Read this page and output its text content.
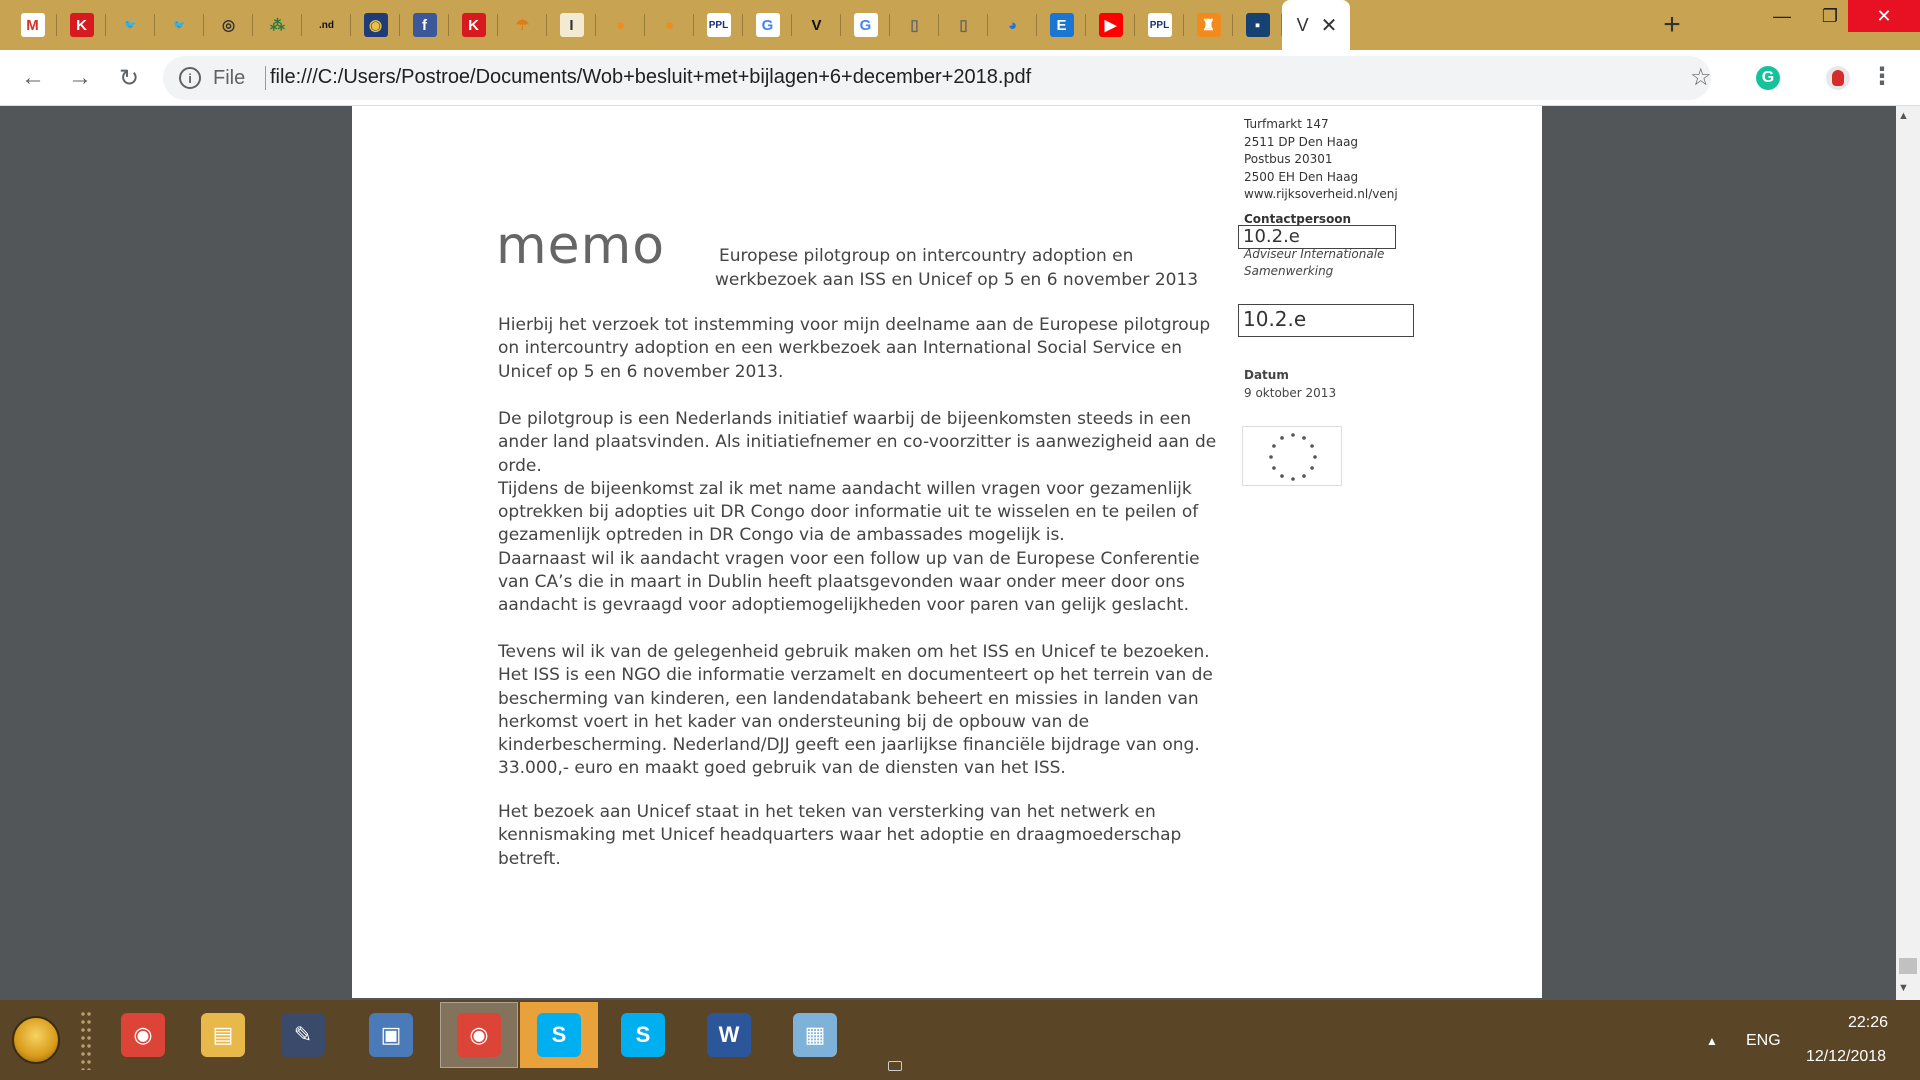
M	K	🐦	🐦	◎	⁂	.nd	◉	f	K	☂	I	●	●	PPL	G	V	G	▯	▯	◕	E	▶	PPL	♜	▪	V ✕	+	—	❐	✕
← → ↻	i	File file:///C:/Users/Postroe/Documents/Wob+besluit+met+bijlagen+6+december+2018.pdf	☆	G	⋮
Turfmarkt 147
2511 DP Den Haag
Postbus 20301
2500 EH Den Haag
www.rijksoverheid.nl/venj
Contactpersoon
10.2.e
Adviseur Internationale
Samenwerking
10.2.e
Datum
9 oktober 2013
memo	Europese pilotgroup on intercountry adoption en
werkbezoek aan ISS en Unicef op 5 en 6 november 2013
Hierbij het verzoek tot instemming voor mijn deelname aan de Europese pilotgroup on intercountry adoption en een werkbezoek aan International Social Service en Unicef op 5 en 6 november 2013.
De pilotgroup is een Nederlands initiatief waarbij de bijeenkomsten steeds in een ander land plaatsvinden. Als initiatiefnemer en co-voorzitter is aanwezigheid aan de orde.
Tijdens de bijeenkomst zal ik met name aandacht willen vragen voor gezamenlijk optrekken bij adopties uit DR Congo door informatie uit te wisselen en te peilen of gezamenlijk optreden in DR Congo via de ambassades mogelijk is.
Daarnaast wil ik aandacht vragen voor een follow up van de Europese Conferentie van CA’s die in maart in Dublin heeft plaatsgevonden waar onder meer door ons aandacht is gevraagd voor adoptiemogelijkheden voor paren van gelijk geslacht.
Tevens wil ik van de gelegenheid gebruik maken om het ISS en Unicef te bezoeken. Het ISS is een NGO die informatie verzamelt en documenteert op het terrein van de bescherming van kinderen, een landendatabank beheert en missies in landen van herkomst voert in het kader van ondersteuning bij de opbouw van de kinderbescherming. Nederland/DJJ geeft een jaarlijkse financiële bijdrage van ong. 33.000,- euro en maakt goed gebruik van de diensten van het ISS.
Het bezoek aan Unicef staat in het teken van versterking van het netwerk en kennismaking met Unicef headquarters waar het adoptie en draagmoederschap betreft.
▲
▼
◉	▤	✎	▣	◉	S	S	W	▦	▲ ENG
22:26
12/12/2018
